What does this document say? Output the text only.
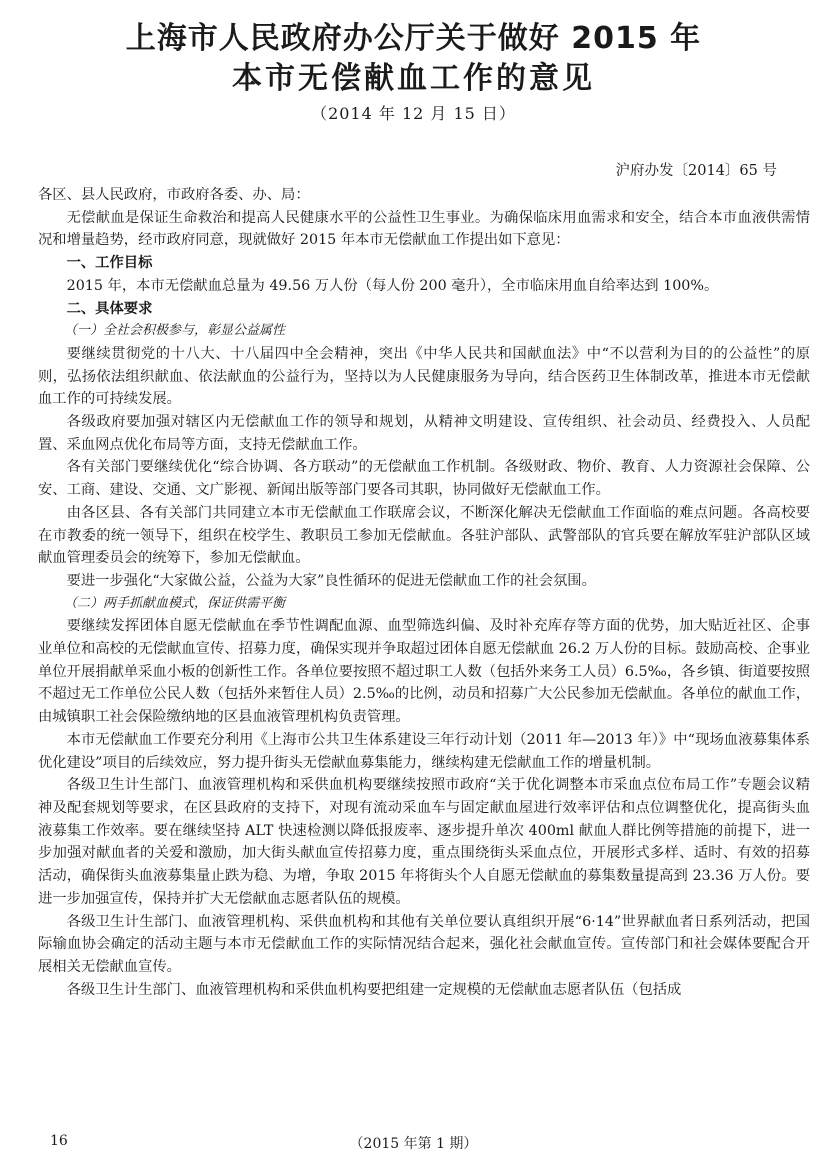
上海市人民政府办公厅关于做好 2015 年
本市无偿献血工作的意见
（2014 年 12 月 15 日）
沪府办发〔2014〕65 号

各区、县人民政府，市政府各委、办、局：

无偿献血是保证生命救治和提高人民健康水平的公益性卫生事业。为确保临床用血需求和安全，结合本市血液供需情况和增量趋势，经市政府同意，现就做好 2015 年本市无偿献血工作提出如下意见：

一、工作目标

2015 年，本市无偿献血总量为 49.56 万人份（每人份 200 毫升），全市临床用血自给率达到 100%。

二、具体要求

（一）全社会积极参与，彰显公益属性

要继续贯彻党的十八大、十八届四中全会精神，突出《中华人民共和国献血法》中“不以营利为目的的公益性”的原则，弘扬依法组织献血、依法献血的公益行为，坚持以为人民健康服务为导向，结合医药卫生体制改革，推进本市无偿献血工作的可持续发展。

各级政府要加强对辖区内无偿献血工作的领导和规划，从精神文明建设、宣传组织、社会动员、经费投入、人员配置、采血网点优化布局等方面，支持无偿献血工作。

各有关部门要继续优化“综合协调、各方联动”的无偿献血工作机制。各级财政、物价、教育、人力资源社会保障、公安、工商、建设、交通、文广影视、新闻出版等部门要各司其职，协同做好无偿献血工作。

由各区县、各有关部门共同建立本市无偿献血工作联席会议，不断深化解决无偿献血工作面临的难点问题。各高校要在市教委的统一领导下，组织在校学生、教职员工参加无偿献血。各驻沪部队、武警部队的官兵要在解放军驻沪部队区域献血管理委员会的统筹下，参加无偿献血。

要进一步强化“大家做公益，公益为大家”良性循环的促进无偿献血工作的社会氛围。

（二）两手抓献血模式，保证供需平衡

要继续发挥团体自愿无偿献血在季节性调配血源、血型筛选纠偏、及时补充库存等方面的优势，加大贴近社区、企事业单位和高校的无偿献血宣传、招募力度，确保实现并争取超过团体自愿无偿献血 26.2 万人份的目标。鼓励高校、企事业单位开展捐献单采血小板的创新性工作。各单位要按照不超过职工人数（包括外来务工人员）6.5‰，各乡镇、街道要按照不超过无工作单位公民人数（包括外来暂住人员）2.5‰的比例，动员和招募广大公民参加无偿献血。各单位的献血工作，由城镇职工社会保险缴纳地的区县血液管理机构负责管理。

本市无偿献血工作要充分利用《上海市公共卫生体系建设三年行动计划（2011 年—2013 年）》中“现场血液募集体系优化建设”项目的后续效应，努力提升街头无偿献血募集能力，继续构建无偿献血工作的增量机制。

各级卫生计生部门、血液管理机构和采供血机构要继续按照市政府“关于优化调整本市采血点位布局工作”专题会议精神及配套规划等要求，在区县政府的支持下，对现有流动采血车与固定献血屋进行效率评估和点位调整优化，提高街头血液募集工作效率。要在继续坚持 ALT 快速检测以降低报废率、逐步提升单次 400ml 献血人群比例等措施的前提下，进一步加强对献血者的关爱和激励，加大街头献血宣传招募力度，重点围绕街头采血点位，开展形式多样、适时、有效的招募活动，确保街头血液募集量止跌为稳、为增，争取 2015 年将街头个人自愿无偿献血的募集数量提高到 23.36 万人份。要进一步加强宣传，保持并扩大无偿献血志愿者队伍的规模。

各级卫生计生部门、血液管理机构、采供血机构和其他有关单位要认真组织开展“6·14”世界献血者日系列活动，把国际输血协会确定的活动主题与本市无偿献血工作的实际情况结合起来，强化社会献血宣传。宣传部门和社会媒体要配合开展相关无偿献血宣传。

各级卫生计生部门、血液管理机构和采供血机构要把组建一定规模的无偿献血志愿者队伍（包括成

16	（2015 年第 1 期）
